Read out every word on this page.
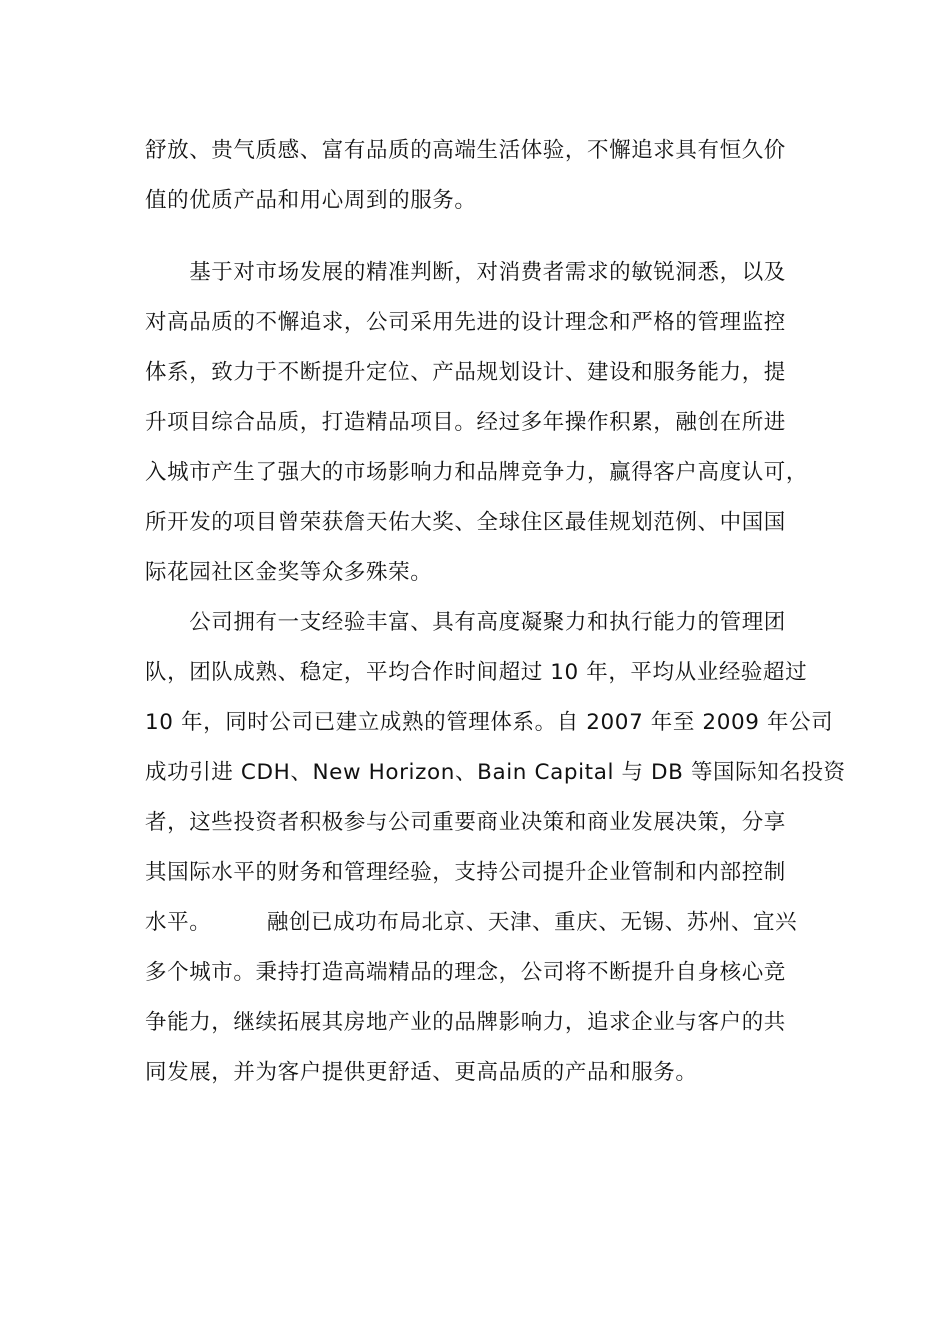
舒放、贵气质感、富有品质的高端生活体验，不懈追求具有恒久价
值的优质产品和用心周到的服务。
　　基于对市场发展的精准判断，对消费者需求的敏锐洞悉，以及
对高品质的不懈追求，公司采用先进的设计理念和严格的管理监控
体系，致力于不断提升定位、产品规划设计、建设和服务能力，提
升项目综合品质，打造精品项目。经过多年操作积累，融创在所进
入城市产生了强大的市场影响力和品牌竞争力，赢得客户高度认可，
所开发的项目曾荣获詹天佑大奖、全球住区最佳规划范例、中国国
际花园社区金奖等众多殊荣。
　　公司拥有一支经验丰富、具有高度凝聚力和执行能力的管理团
队，团队成熟、稳定，平均合作时间超过 10 年，平均从业经验超过
10 年，同时公司已建立成熟的管理体系。自 2007 年至 2009 年公司
成功引进 CDH、New Horizon、Bain Capital 与 DB 等国际知名投资
者，这些投资者积极参与公司重要商业决策和商业发展决策，分享
其国际水平的财务和管理经验，支持公司提升企业管制和内部控制
水平。　　　融创已成功布局北京、天津、重庆、无锡、苏州、宜兴
多个城市。秉持打造高端精品的理念，公司将不断提升自身核心竞
争能力，继续拓展其房地产业的品牌影响力，追求企业与客户的共
同发展，并为客户提供更舒适、更高品质的产品和服务。
